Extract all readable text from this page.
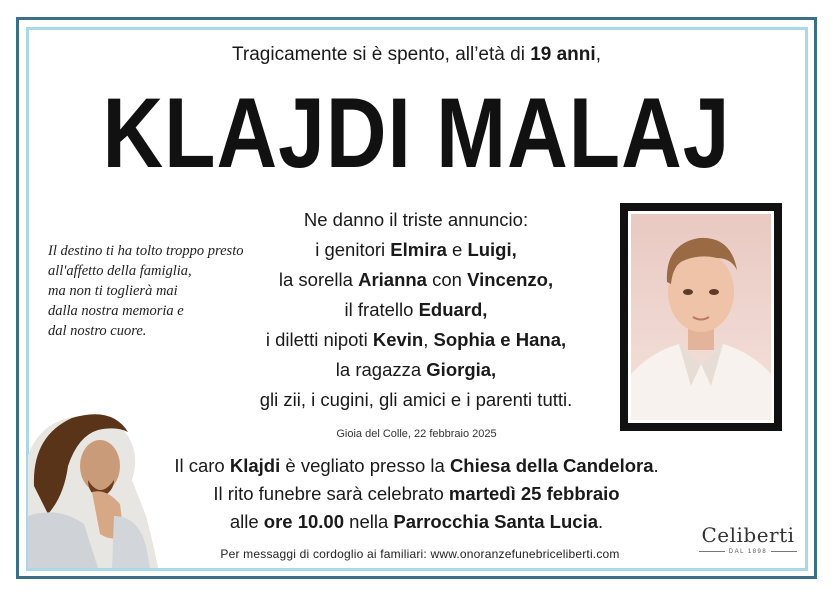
Tragicamente si è spento, all’età di 19 anni,
KLAJDI MALAJ
Il destino ti ha tolto troppo presto
all'affetto della famiglia,
ma non ti toglierà mai
dalla nostra memoria e
dal nostro cuore.
Ne danno il triste annuncio:
i genitori Elmira e Luigi,
la sorella Arianna con Vincenzo,
il fratello Eduard,
i diletti nipoti Kevin, Sophia e Hana,
la ragazza Giorgia,
gli zii, i cugini, gli amici e i parenti tutti.
Gioia del Colle, 22 febbraio 2025
Il caro Klajdi è vegliato presso la Chiesa della Candelora.
Il rito funebre sarà celebrato martedì 25 febbraio
alle ore 10.00 nella Parrocchia Santa Lucia.
Per messaggi di cordoglio ai familiari: www.onoranzefunebriceliberti.com
Celiberti
DAL 1898
